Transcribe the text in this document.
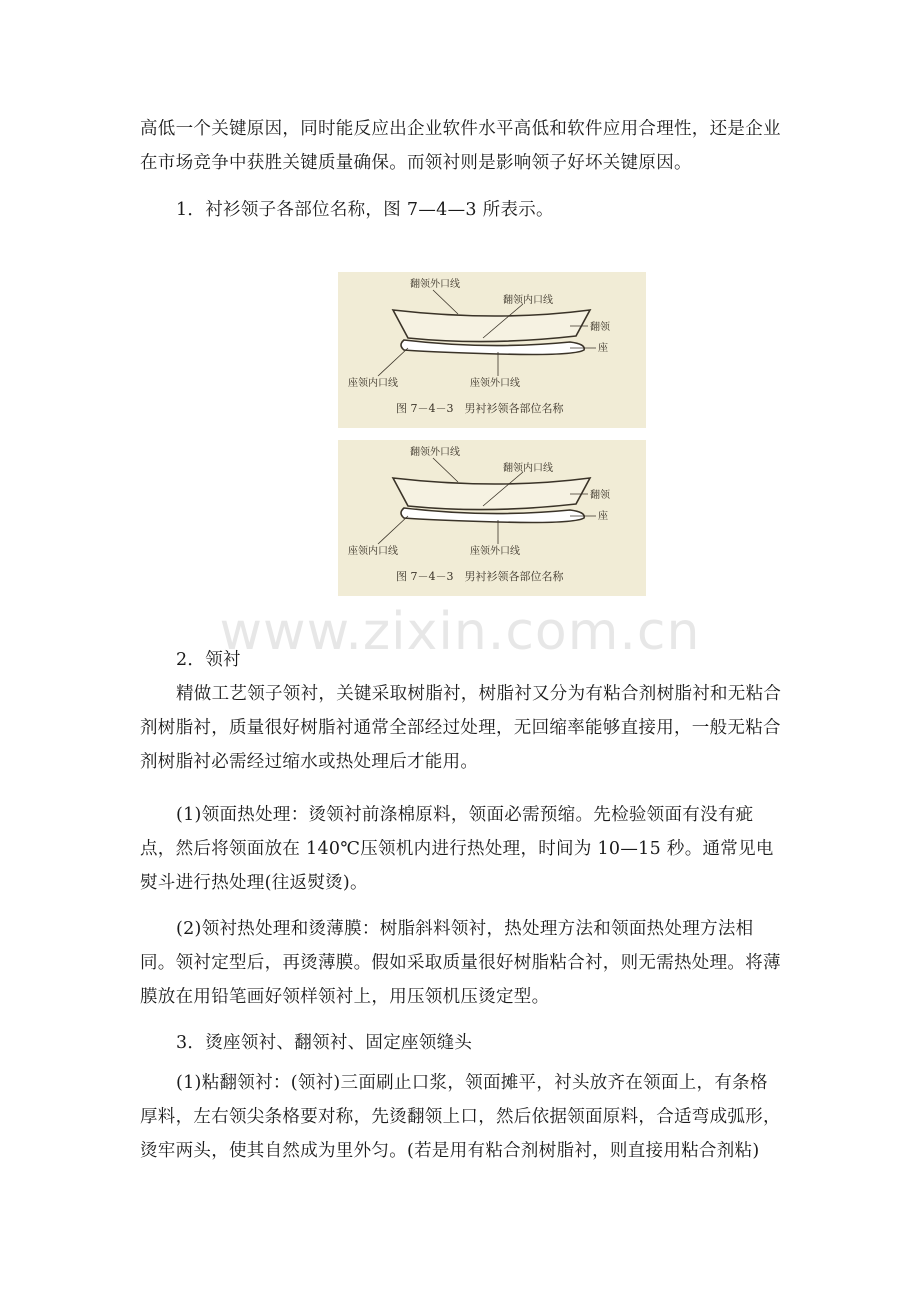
高低一个关键原因，同时能反应出企业软件水平高低和软件应用合理性，还是企业在市场竞争中获胜关键质量确保。而领衬则是影响领子好坏关键原因。
1．衬衫领子各部位名称，图 7—4—3 所表示。
翻领外口线
翻领内口线
翻领
座
座领内口线	座领外口线
图 7－4－3　男衬衫领各部位名称
翻领外口线
翻领内口线
翻领
座
座领内口线	座领外口线
图 7－4－3　男衬衫领各部位名称
www.zixin.com.cn
2．领衬
精做工艺领子领衬，关键采取树脂衬，树脂衬又分为有粘合剂树脂衬和无粘合剂树脂衬，质量很好树脂衬通常全部经过处理，无回缩率能够直接用，一般无粘合剂树脂衬必需经过缩水或热处理后才能用。
(1)领面热处理：烫领衬前涤棉原料，领面必需预缩。先检验领面有没有疵点，然后将领面放在 140℃压领机内进行热处理，时间为 10—15 秒。通常见电熨斗进行热处理(往返熨烫)。
(2)领衬热处理和烫薄膜：树脂斜料领衬，热处理方法和领面热处理方法相同。领衬定型后，再烫薄膜。假如采取质量很好树脂粘合衬，则无需热处理。将薄膜放在用铅笔画好领样领衬上，用压领机压烫定型。
3．烫座领衬、翻领衬、固定座领缝头
(1)粘翻领衬：(领衬)三面刷止口浆，领面摊平，衬头放齐在领面上，有条格厚料，左右领尖条格要对称，先烫翻领上口，然后依据领面原料，合适弯成弧形，烫牢两头，使其自然成为里外匀。(若是用有粘合剂树脂衬，则直接用粘合剂粘)
